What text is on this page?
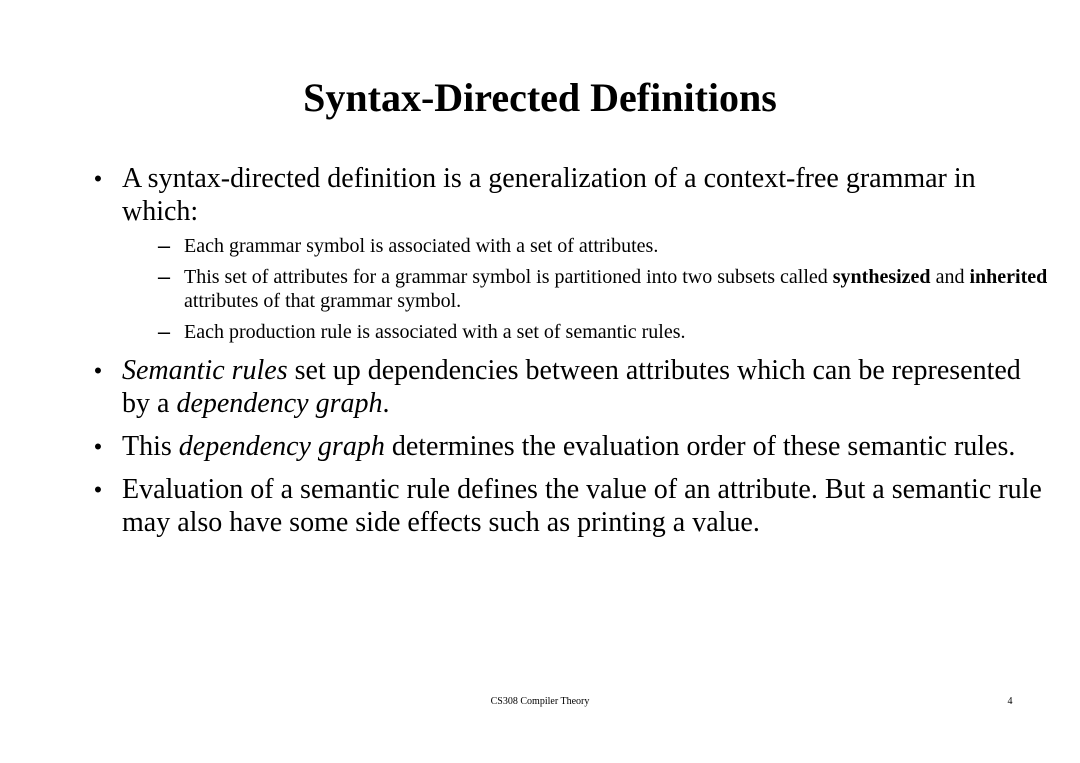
Syntax-Directed Definitions
• A syntax-directed definition is a generalization of a context-free grammar in which:
– Each grammar symbol is associated with a set of attributes.
– This set of attributes for a grammar symbol is partitioned into two subsets called synthesized and inherited attributes of that grammar symbol.
– Each production rule is associated with a set of semantic rules.
• Semantic rules set up dependencies between attributes which can be represented by a dependency graph.
• This dependency graph determines the evaluation order of these semantic rules.
• Evaluation of a semantic rule defines the value of an attribute. But a semantic rule may also have some side effects such as printing a value.
CS308 Compiler Theory	4
